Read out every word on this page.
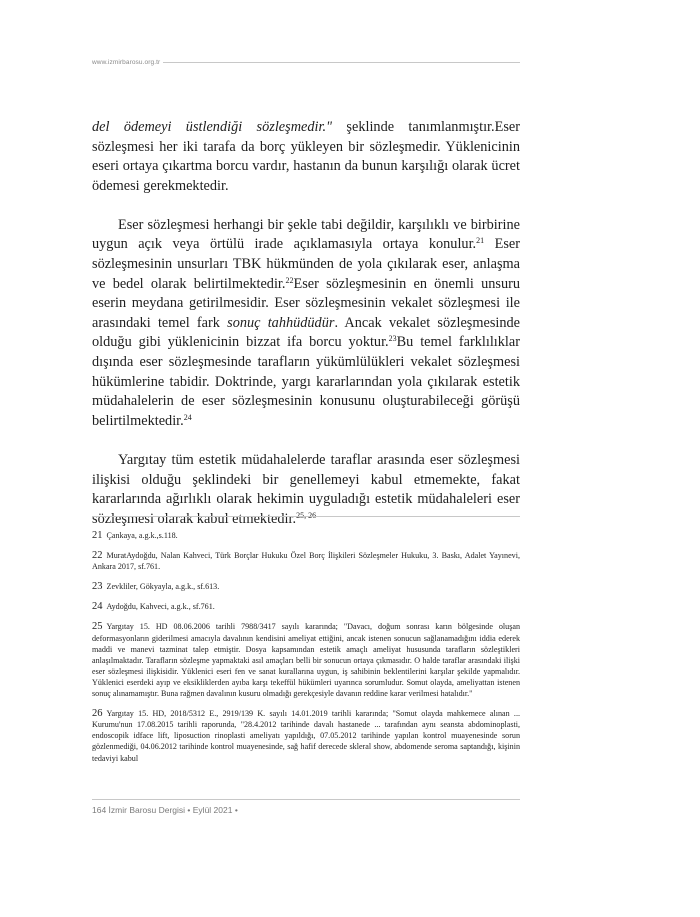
www.izmirbarosu.org.tr

del ödemeyi üstlendiği sözleşmedir." şeklinde tanımlanmıştır.Eser sözleşmesi her iki tarafa da borç yükleyen bir sözleşmedir. Yüklenicinin eseri ortaya çıkartma borcu vardır, hastanın da bunun karşılığı olarak ücret ödemesi gerekmektedir.

Eser sözleşmesi herhangi bir şekle tabi değildir, karşılıklı ve birbirine uygun açık veya örtülü irade açıklamasıyla ortaya konulur.$^{21}$ Eser sözleşmesinin unsurları TBK hükmünden de yola çıkılarak eser, anlaşma ve bedel olarak belirtilmektedir.$^{22}$Eser sözleşmesinin en önemli unsuru eserin meydana getirilmesidir. Eser sözleşmesinin vekalet sözleşmesi ile arasındaki temel fark sonuç tahhüdüdür. Ancak vekalet sözleşmesinde olduğu gibi yüklenicinin bizzat ifa borcu yoktur.$^{23}$Bu temel farklılıklar dışında eser sözleşmesinde tarafların yükümlülükleri vekalet sözleşmesi hükümlerine tabidir. Doktrinde, yargı kararlarından yola çıkılarak estetik müdahalelerin de eser sözleşmesinin konusunu oluşturabileceği görüşü belirtilmektedir.$^{24}$

Yargıtay tüm estetik müdahalelerde taraflar arasında eser sözleşmesi ilişkisi olduğu şeklindeki bir genellemeyi kabul etmemekte, fakat kararlarında ağırlıklı olarak hekimin uyguladığı estetik müdahaleleri eser sözleşmesi olarak kabul etmektedir.$^{25, 26}$

21 Çankaya, a.g.k.,s.118.

22 MuratAydoğdu, Nalan Kahveci, Türk Borçlar Hukuku Özel Borç İlişkileri Sözleşmeler Hukuku, 3. Baskı, Adalet Yayınevi, Ankara 2017, sf.761.

23 Zevkliler, Gökyayla, a.g.k., sf.613.

24 Aydoğdu, Kahveci, a.g.k., sf.761.

25 Yargıtay 15. HD 08.06.2006 tarihli 7988/3417 sayılı kararında; "Davacı, doğum sonrası karın bölgesinde oluşan deformasyonların giderilmesi amacıyla davalının kendisini ameliyat ettiğini, ancak istenen sonucun sağlanamadığını iddia ederek maddi ve manevi tazminat talep etmiştir. Dosya kapsamından estetik amaçlı ameliyat hususunda tarafların sözleştikleri anlaşılmaktadır. Tarafların sözleşme yapmaktaki asıl amaçları belli bir sonucun ortaya çıkmasıdır. O halde taraflar arasındaki ilişki eser sözleşmesi ilişkisidir. Yüklenici eseri fen ve sanat kurallarına uygun, iş sahibinin beklentilerini karşılar şekilde yapmalıdır. Yüklenici eserdeki ayıp ve eksikliklerden ayıba karşı tekeffül hükümleri uyarınca sorumludur. Somut olayda, ameliyattan istenen sonuç alınamamıştır. Buna rağmen davalının kusuru olmadığı gerekçesiyle davanın reddine karar verilmesi hatalıdır."

26 Yargıtay 15. HD, 2018/5312 E., 2919/139 K. sayılı 14.01.2019 tarihli kararında; "Somut olayda mahkemece alınan ... Kurumu'nun 17.08.2015 tarihli raporunda, "28.4.2012 tarihinde davalı hastanede ... tarafından aynı seansta abdominoplasti, endoscopik idface lift, liposuction rinoplasti ameliyatı yapıldığı, 07.05.2012 tarihinde yapılan kontrol muayenesinde sorun gözlenmediği, 04.06.2012 tarihinde kontrol muayenesinde, sağ hafif derecede skleral show, abdomende seroma saptandığı, kişinin tedaviyi kabul

164 İzmir Barosu Dergisi • Eylül 2021 •
